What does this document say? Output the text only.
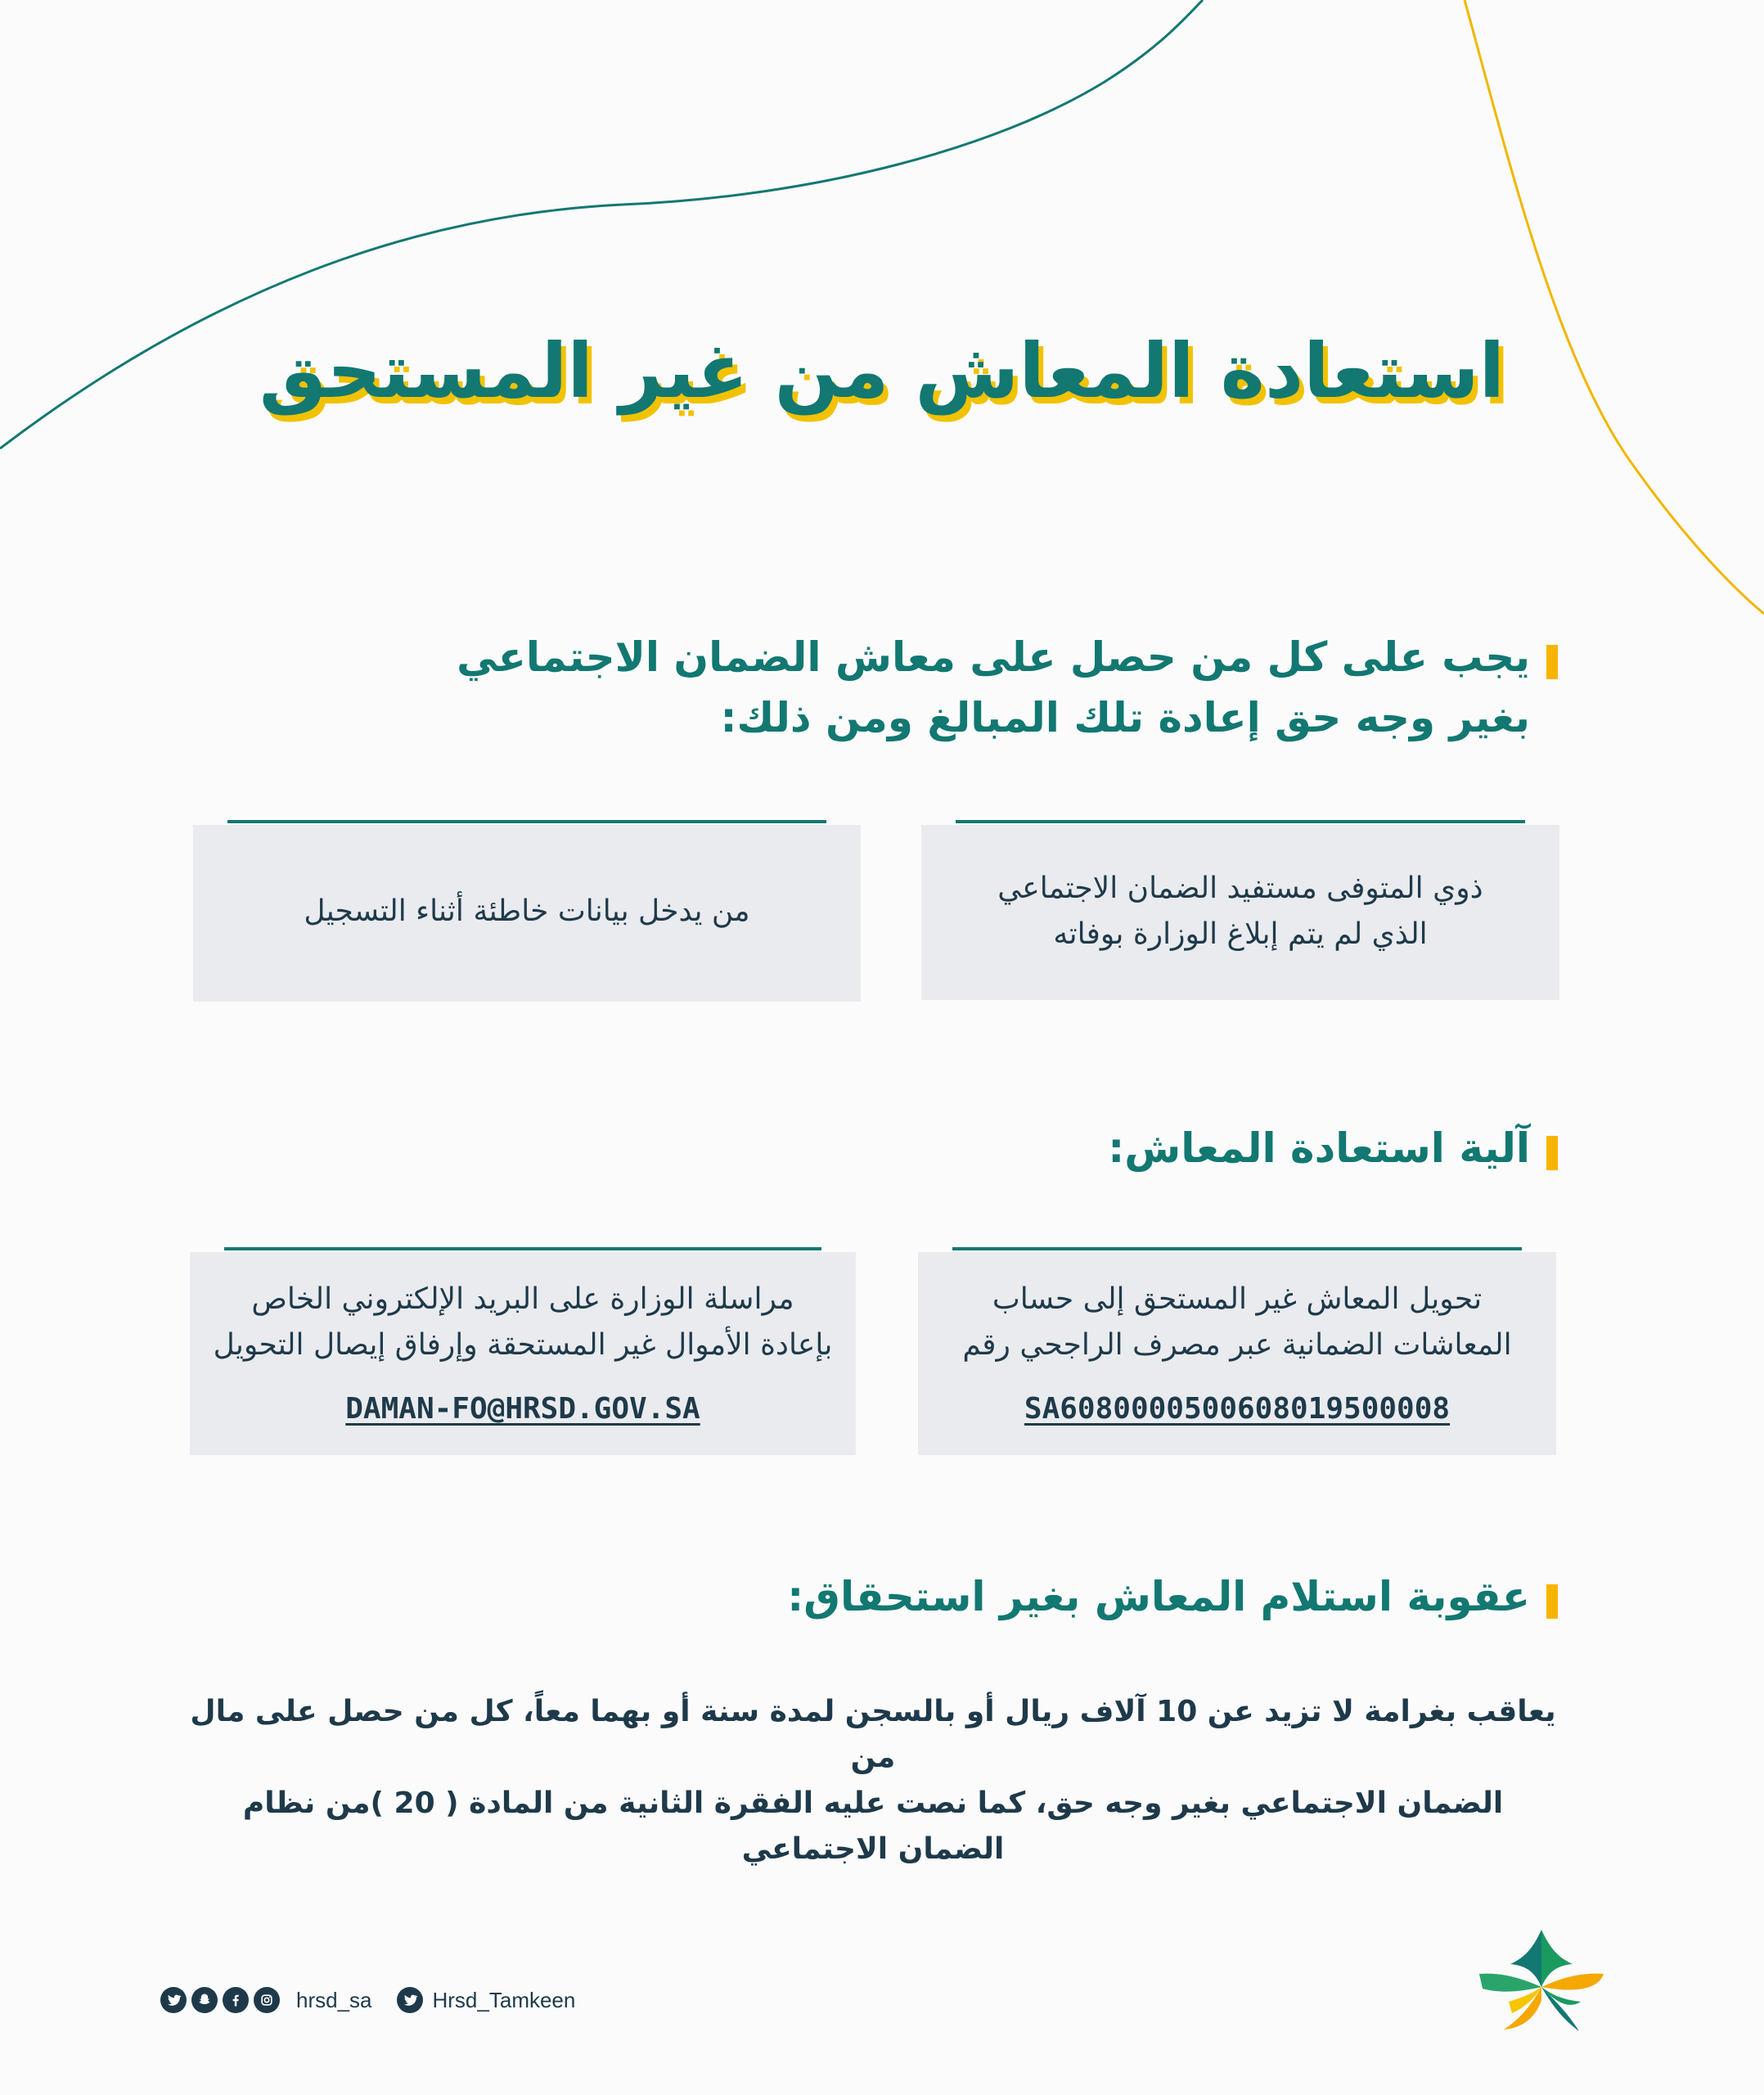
استعادة المعاش من غير المستحق
يجب على كل من حصل على معاش الضمان الاجتماعي
بغير وجه حق إعادة تلك المبالغ ومن ذلك:
ذوي المتوفى مستفيد الضمان الاجتماعي
الذي لم يتم إبلاغ الوزارة بوفاته
من يدخل بيانات خاطئة أثناء التسجيل
آلية استعادة المعاش:
تحويل المعاش غير المستحق إلى حساب
المعاشات الضمانية عبر مصرف الراجحي رقم
SA6080000500608019500008
مراسلة الوزارة على البريد الإلكتروني الخاص
بإعادة الأموال غير المستحقة وإرفاق إيصال التحويل
DAMAN-FO@HRSD.GOV.SA
عقوبة استلام المعاش بغير استحقاق:
يعاقب بغرامة لا تزيد عن 10 آلاف ريال أو بالسجن لمدة سنة أو بهما معاً، كل من حصل على مال من
الضمان الاجتماعي بغير وجه حق، كما نصت عليه الفقرة الثانية من المادة ( 20 )من نظام الضمان الاجتماعي
hrsd_sa	Hrsd_Tamkeen
